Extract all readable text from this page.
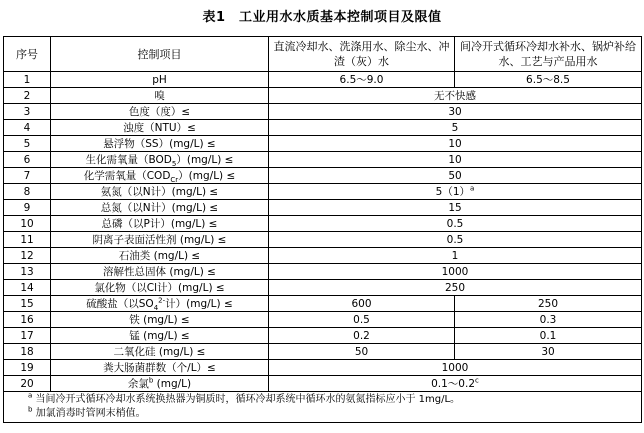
表1　工业用水水质基本控制项目及限值
序号	控制项目	直流冷却水、洗涤用水、除尘水、冲渣（灰）水	间冷开式循环冷却水补水、锅炉补给水、工艺与产品用水
1	pH	6.5～9.0	6.5～8.5
2	嗅	无不快感	
3	色度（度）≤	30	
4	浊度（NTU）≤	5	
5	悬浮物（SS）(mg/L) ≤	10	
6	生化需氧量$(BOD_5)(mg/L)$ ≤	10	
7	化学需氧量$(COD_{Cr})(mg/L)$ ≤	50	
8	氨氮（以N计）(mg/L) ≤	$5(1)^a$
9	总氮（以N计）(mg/L) ≤	15	
10	总磷（以P计）(mg/L) ≤	0.5	
11	阴离子表面活性剂 (mg/L) ≤	0.5	
12	石油类 (mg/L) ≤	1	
13	溶解性总固体 (mg/L) ≤	1000	
14	氯化物（以Cl计）(mg/L) ≤	250	
15	硫酸盐（以$SO_4^{2-}$计）(mg/L) ≤	600	250
16	铁 (mg/L) ≤	0.5	0.3
17	锰 (mg/L) ≤	0.2	0.1
18	二氧化硅 (mg/L) ≤	50	30
19	粪大肠菌群数（个/L）≤	1000	
20	余氯$^b$ (mg/L)	0.1～0.2$^c$

$^a$ 当间冷开式循环冷却水系统换热器为铜质时，循环冷却系统中循环水的氨氮指标应小于 1mg/L。
$^b$ 加氯消毒时管网末梢值。			
